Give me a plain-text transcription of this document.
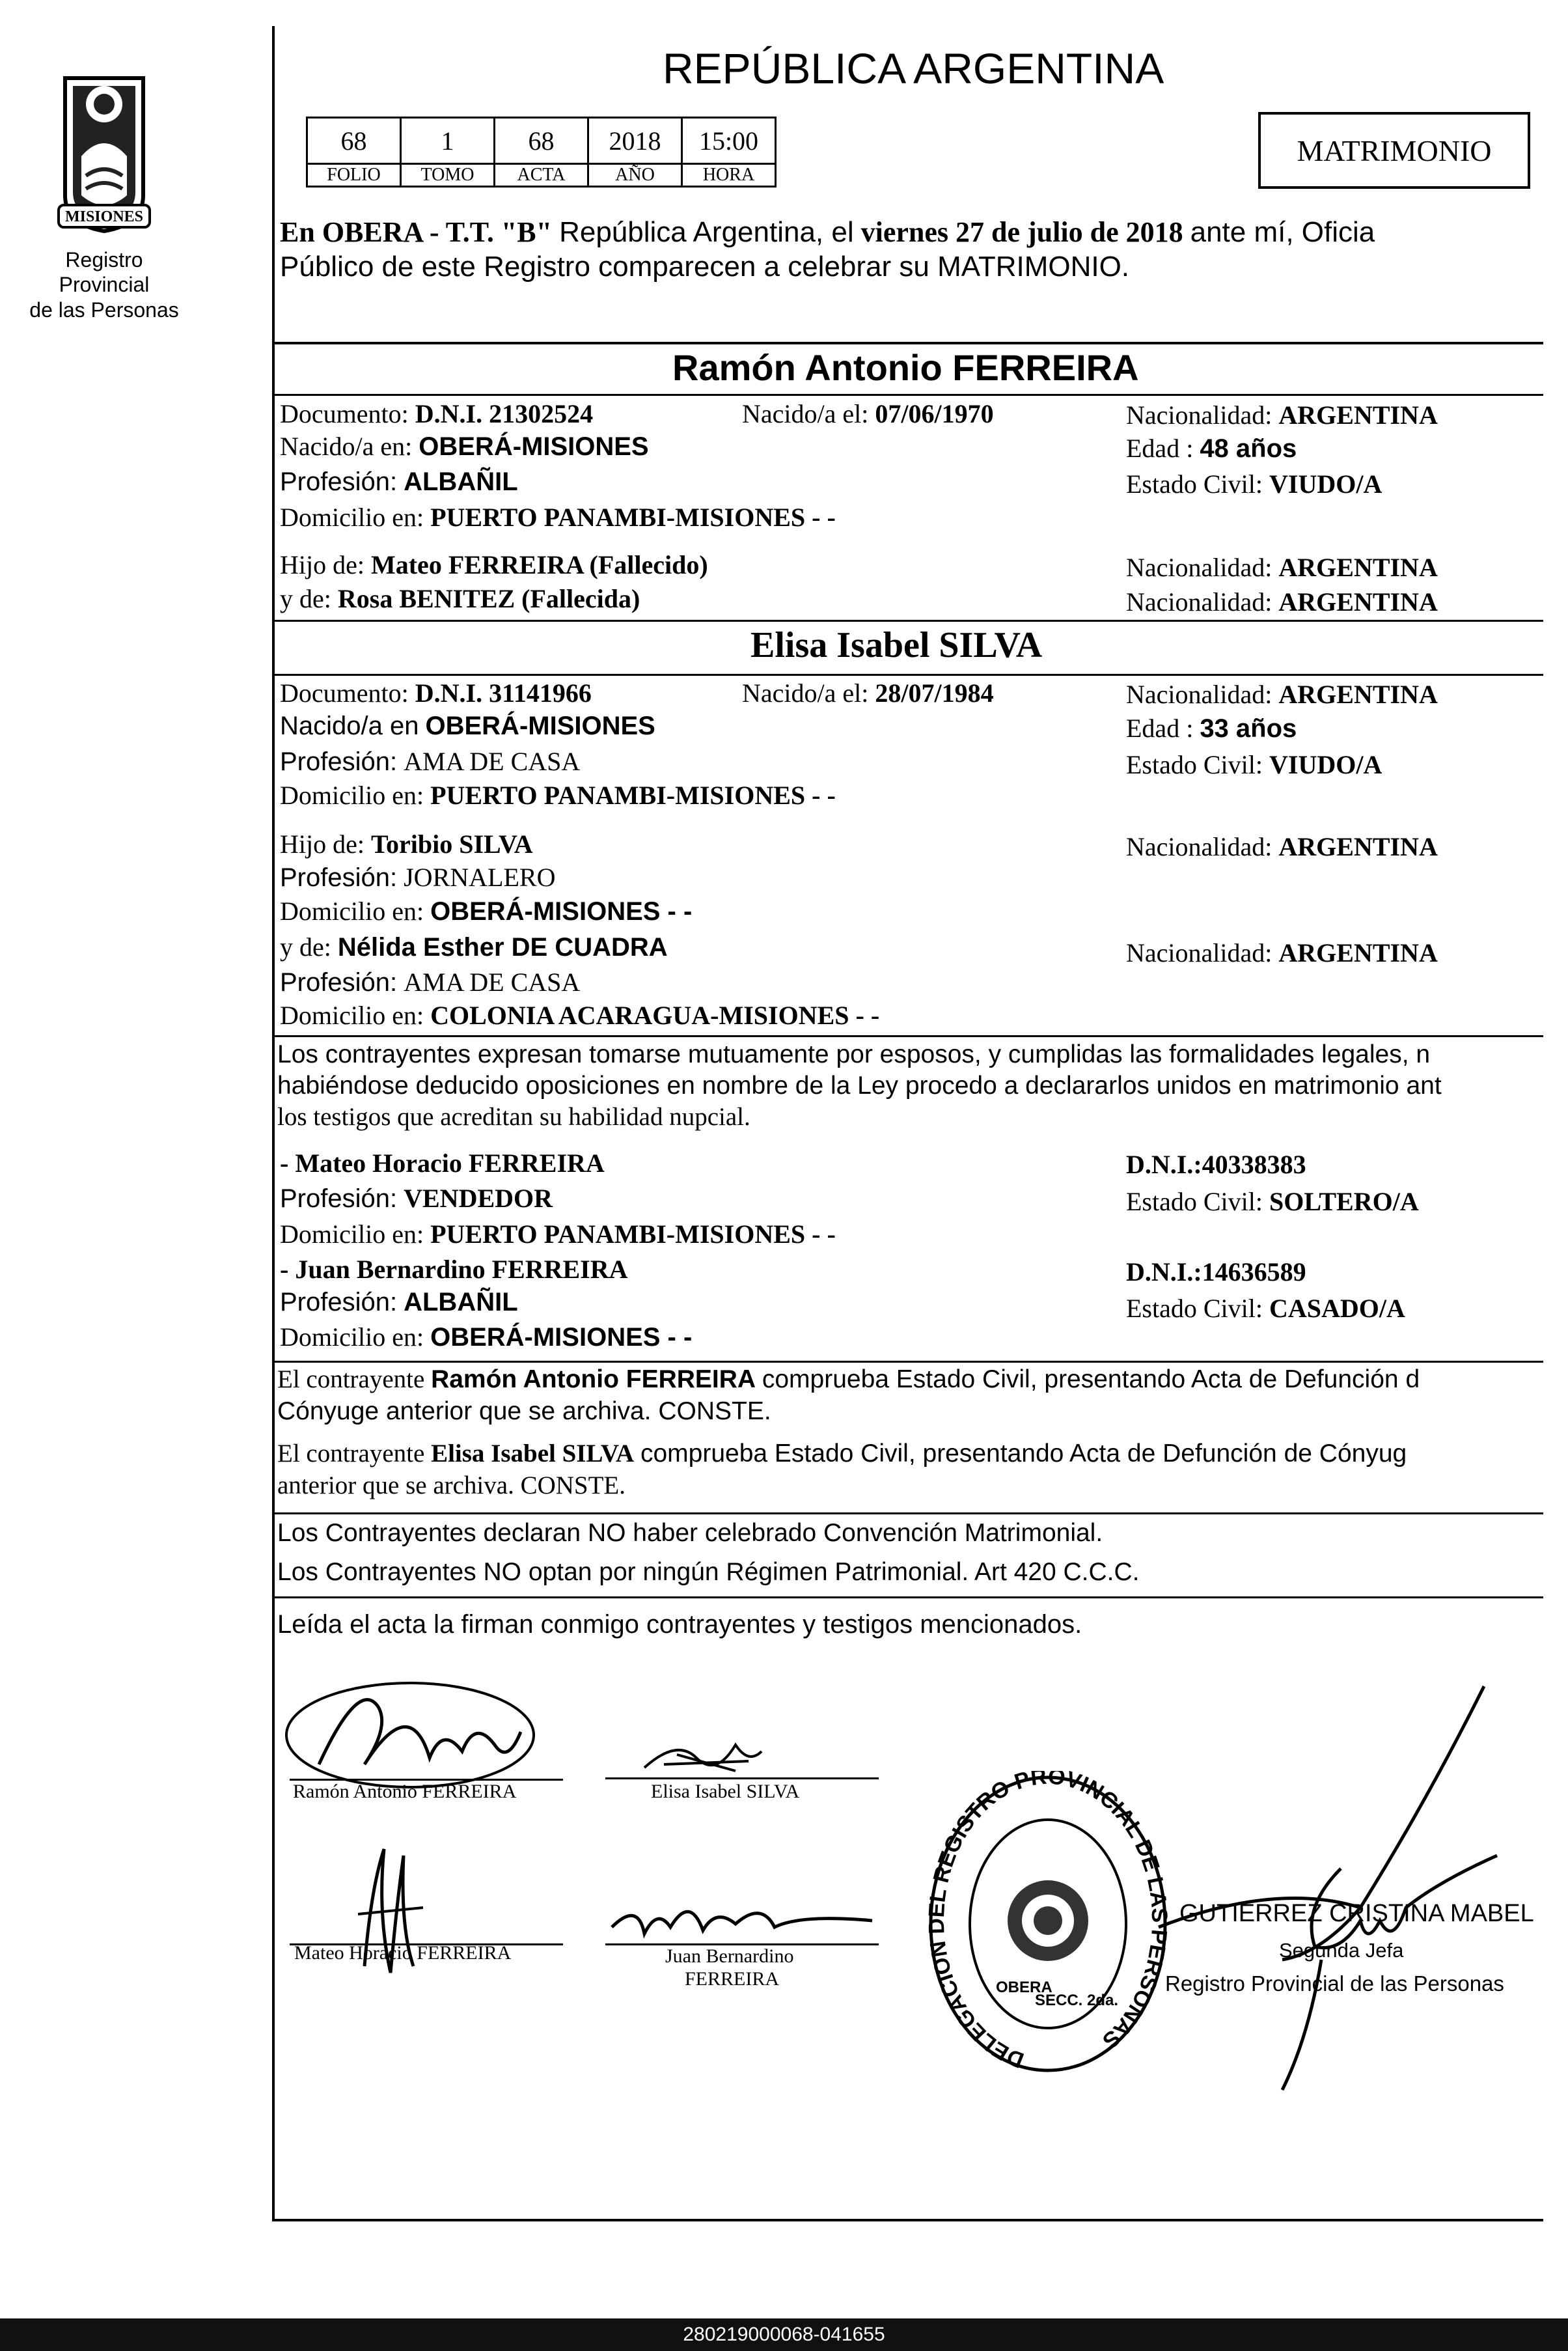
MISIONES
Registro Provincial
de las Personas
REPÚBLICA ARGENTINA
68	1	68	2018	15:00
FOLIO	TOMO	ACTA	AÑO	HORA
MATRIMONIO
En OBERA - T.T. "B" República Argentina, el viernes 27 de julio de 2018 ante mí, Oficia
Público de este Registro comparecen a celebrar su MATRIMONIO.
Ramón Antonio FERREIRA
Documento: D.N.I. 21302524	Nacido/a el: 07/06/1970	Nacionalidad: ARGENTINA
Nacido/a en: OBERÁ-MISIONES	Edad : 48 años
Profesión: ALBAÑIL	Estado Civil: VIUDO/A
Domicilio en: PUERTO PANAMBI-MISIONES - -
Hijo de: Mateo FERREIRA (Fallecido)	Nacionalidad: ARGENTINA
y de: Rosa BENITEZ (Fallecida)	Nacionalidad: ARGENTINA
Elisa Isabel SILVA
Documento: D.N.I. 31141966	Nacido/a el: 28/07/1984	Nacionalidad: ARGENTINA
Nacido/a en OBERÁ-MISIONES	Edad : 33 años
Profesión: AMA DE CASA	Estado Civil: VIUDO/A
Domicilio en: PUERTO PANAMBI-MISIONES - -
Hijo de: Toribio SILVA	Nacionalidad: ARGENTINA
Profesión: JORNALERO
Domicilio en: OBERÁ-MISIONES - -
y de: Nélida Esther DE CUADRA	Nacionalidad: ARGENTINA
Profesión: AMA DE CASA
Domicilio en: COLONIA ACARAGUA-MISIONES - -
Los contrayentes expresan tomarse mutuamente por esposos, y cumplidas las formalidades legales, n
habiéndose deducido oposiciones en nombre de la Ley procedo a declararlos unidos en matrimonio ant
los testigos que acreditan su habilidad nupcial.
- Mateo Horacio FERREIRA	D.N.I.:40338383
Profesión: VENDEDOR	Estado Civil: SOLTERO/A
Domicilio en: PUERTO PANAMBI-MISIONES - -
- Juan Bernardino FERREIRA	D.N.I.:14636589
Profesión: ALBAÑIL	Estado Civil: CASADO/A
Domicilio en: OBERÁ-MISIONES - -
El contrayente Ramón Antonio FERREIRA comprueba Estado Civil, presentando Acta de Defunción d
Cónyuge anterior que se archiva. CONSTE.
El contrayente Elisa Isabel SILVA comprueba Estado Civil, presentando Acta de Defunción de Cónyug
anterior que se archiva. CONSTE.
Los Contrayentes declaran NO haber celebrado Convención Matrimonial.
Los Contrayentes NO optan por ningún Régimen Patrimonial. Art 420 C.C.C.
Leída el acta la firman conmigo contrayentes y testigos mencionados.
Ramón Antonio FERREIRA	Elisa Isabel SILVA
Mateo Horacio FERREIRA	Juan Bernardino
FERREIRA
DELEGACION DEL REGISTRO PROVINCIAL DE LAS PERSONAS
OBERA
SECC. 2da.
GUTIERREZ CRISTINA MABEL
Segunda Jefa
Registro Provincial de las Personas
280219000068-041655
